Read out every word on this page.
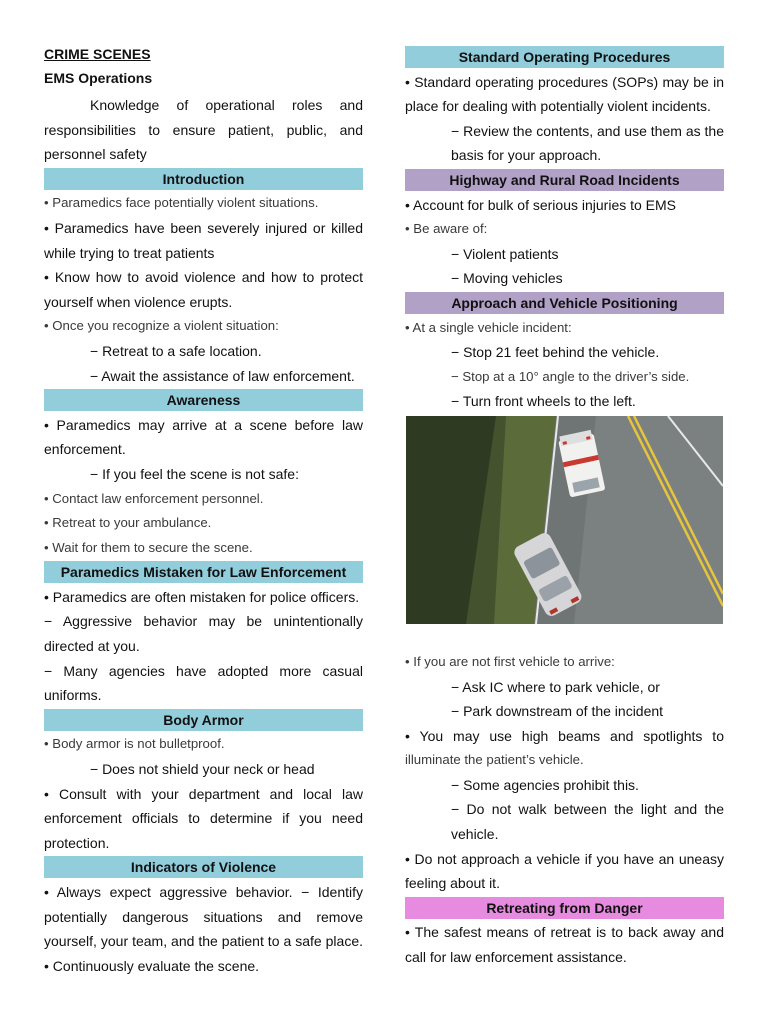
CRIME SCENES
EMS Operations
Knowledge of operational roles and
responsibilities to ensure patient, public, and
personnel safety
Introduction
• Paramedics face potentially violent situations.
• Paramedics have been severely injured or killed
while trying to treat patients
• Know how to avoid violence and how to protect
yourself when violence erupts.
• Once you recognize a violent situation:
− Retreat to a safe location.
− Await the assistance of law enforcement.
Awareness
• Paramedics may arrive at a scene before law
enforcement.
− If you feel the scene is not safe:
• Contact law enforcement personnel.
• Retreat to your ambulance.
• Wait for them to secure the scene.
Paramedics Mistaken for Law Enforcement
• Paramedics are often mistaken for police officers.
− Aggressive behavior may be unintentionally
directed at you.
− Many agencies have adopted more casual
uniforms.
Body Armor
• Body armor is not bulletproof.
− Does not shield your neck or head
• Consult with your department and local law
enforcement officials to determine if you need
protection.
Indicators of Violence
• Always expect aggressive behavior. − Identify
potentially dangerous situations and remove
yourself, your team, and the patient to a safe place.
• Continuously evaluate the scene.
Standard Operating Procedures
• Standard operating procedures (SOPs) may be in
place for dealing with potentially violent incidents.
− Review the contents, and use them as the
basis for your approach.
Highway and Rural Road Incidents
• Account for bulk of serious injuries to EMS
• Be aware of:
− Violent patients
− Moving vehicles
Approach and Vehicle Positioning
• At a single vehicle incident:
− Stop 21 feet behind the vehicle.
− Stop at a 10° angle to the driver’s side.
− Turn front wheels to the left.
• If you are not first vehicle to arrive:
− Ask IC where to park vehicle, or
− Park downstream of the incident
• You may use high beams and spotlights to
illuminate the patient’s vehicle.
− Some agencies prohibit this.
− Do not walk between the light and the
vehicle.
• Do not approach a vehicle if you have an uneasy
feeling about it.
Retreating from Danger
• The safest means of retreat is to back away and
call for law enforcement assistance.
